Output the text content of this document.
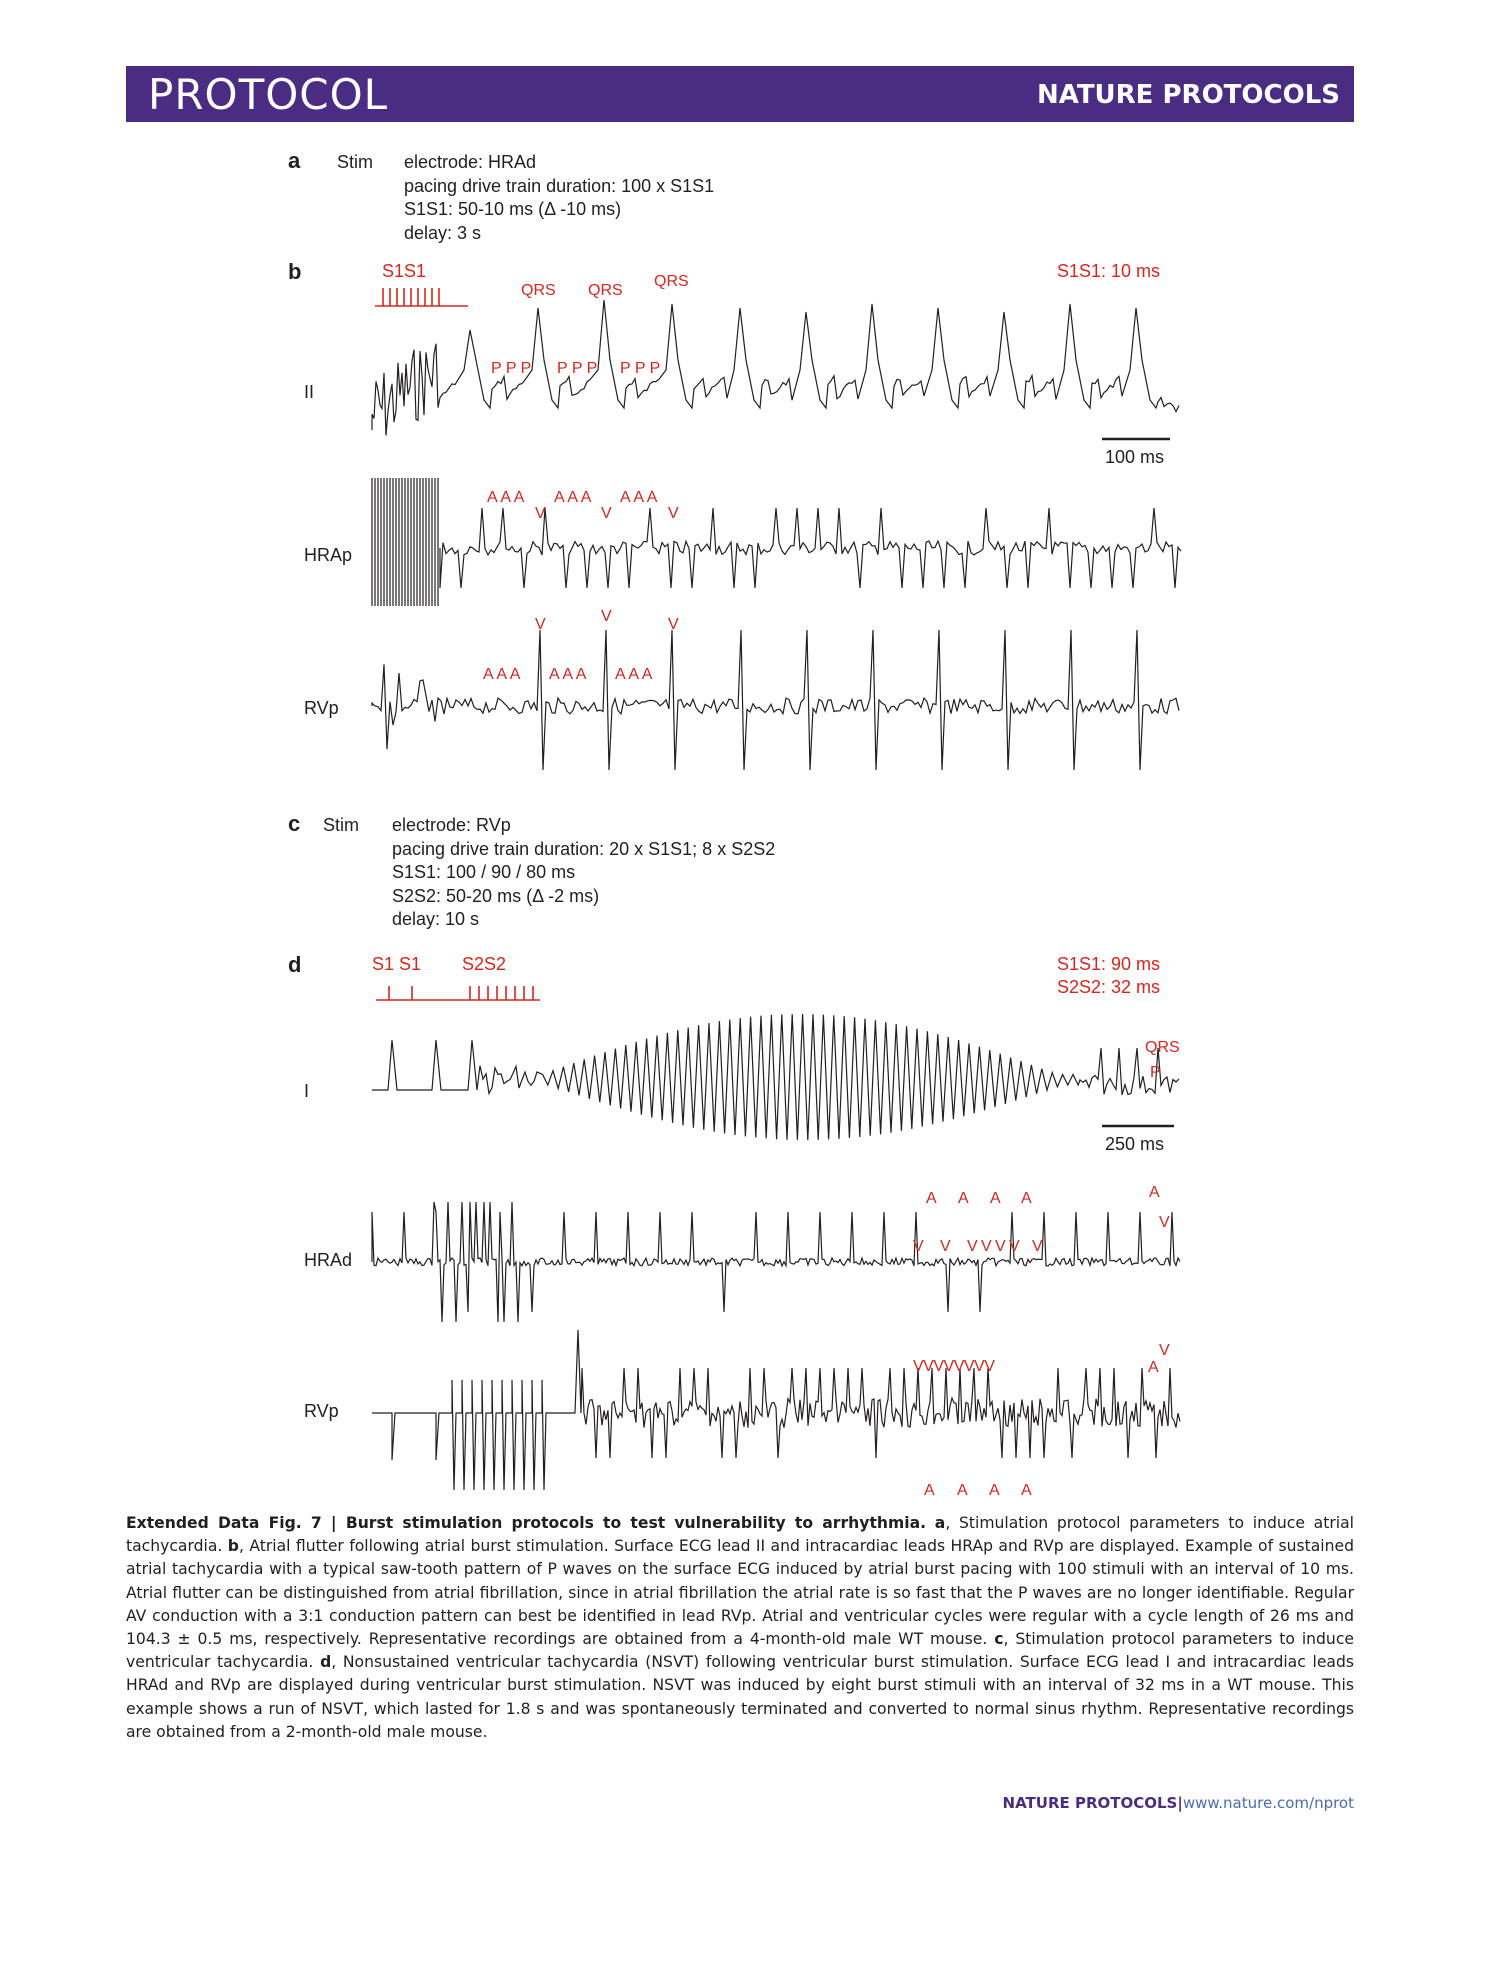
PROTOCOL	NATURE PROTOCOLS
a Stim electrode: HRAd
pacing drive train duration: 100 x S1S1
S1S1: 50-10 ms (Δ -10 ms)
delay: 3 s
b	S1S1	S1S1: 10 ms
QRS QRS
QRS
P P P P P P P P P
II
100 ms
A A A A A A A A A
V	V	V
HRAp
V	V	V
A A A A A A A A A
RVp
c Stim electrode: RVp
pacing drive train duration: 20 x S1S1; 8 x S2S2
S1S1: 100 / 90 / 80 ms
S2S2: 50-20 ms (Δ -2 ms)
delay: 10 s
d	S1 S1 S2S2	S1S1: 90 ms
S2S2: 32 ms
QRS
P
I
250 ms
A A A A	A
V
V V V V V V V
HRAd
V
VVVVVVVV	A
RVp
A A A A
Extended Data Fig. 7 | Burst stimulation protocols to test vulnerability to arrhythmia. a, Stimulation protocol parameters to induce atrial tachycardia. b, Atrial flutter following atrial burst stimulation. Surface ECG lead II and intracardiac leads HRAp and RVp are displayed. Example of sustained atrial tachycardia with a typical saw-tooth pattern of P waves on the surface ECG induced by atrial burst pacing with 100 stimuli with an interval of 10 ms. Atrial flutter can be distinguished from atrial fibrillation, since in atrial fibrillation the atrial rate is so fast that the P waves are no longer identifiable. Regular AV conduction with a 3:1 conduction pattern can best be identified in lead RVp. Atrial and ventricular cycles were regular with a cycle length of 26 ms and 104.3 ± 0.5 ms, respectively. Representative recordings are obtained from a 4-month-old male WT mouse. c, Stimulation protocol parameters to induce ventricular tachycardia. d, Nonsustained ventricular tachycardia (NSVT) following ventricular burst stimulation. Surface ECG lead I and intracardiac leads HRAd and RVp are displayed during ventricular burst stimulation. NSVT was induced by eight burst stimuli with an interval of 32 ms in a WT mouse. This example shows a run of NSVT, which lasted for 1.8 s and was spontaneously terminated and converted to normal sinus rhythm. Representative recordings are obtained from a 2-month-old male mouse.
NATURE PROTOCOLS|www.nature.com/nprot
